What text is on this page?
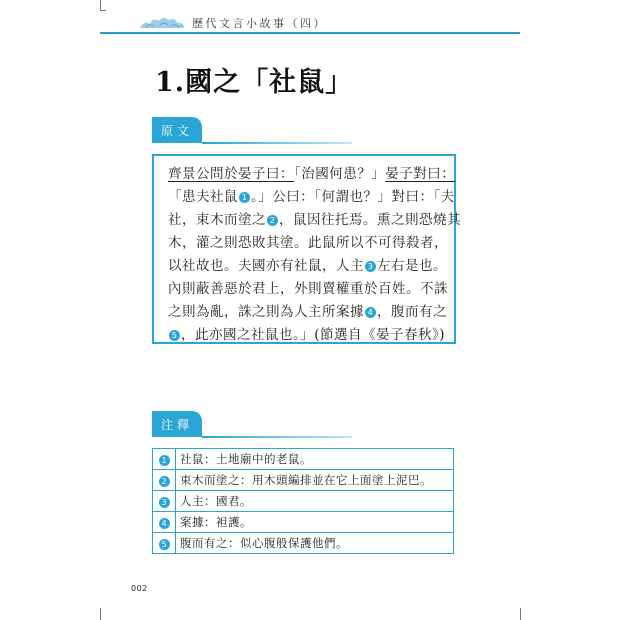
歷代文言小故事（四）
1.國之「社鼠」
原文
齊景公問於晏子曰：「治國何患？」晏子對曰：
「患夫社鼠 1 。」公曰：「何謂也？」對曰：「夫
社，束木而塗之 2 ，鼠因往托焉。熏之則恐燒其
木，灌之則恐敗其塗。此鼠所以不可得殺者，
以社故也。夫國亦有社鼠，人主 3 左右是也。
內則蔽善惡於君上，外則賣權重於百姓。不誅
之則為亂，誅之則為人主所案據 4 ，腹而有之
5 ，此亦國之社鼠也。」(節選自《晏子春秋》)
注釋
1	社鼠：土地廟中的老鼠。
2	束木而塗之：用木頭編排並在它上面塗上泥巴。
3	人主：國君。
4	案據：袒護。
5	腹而有之：似心腹般保護他們。
002
